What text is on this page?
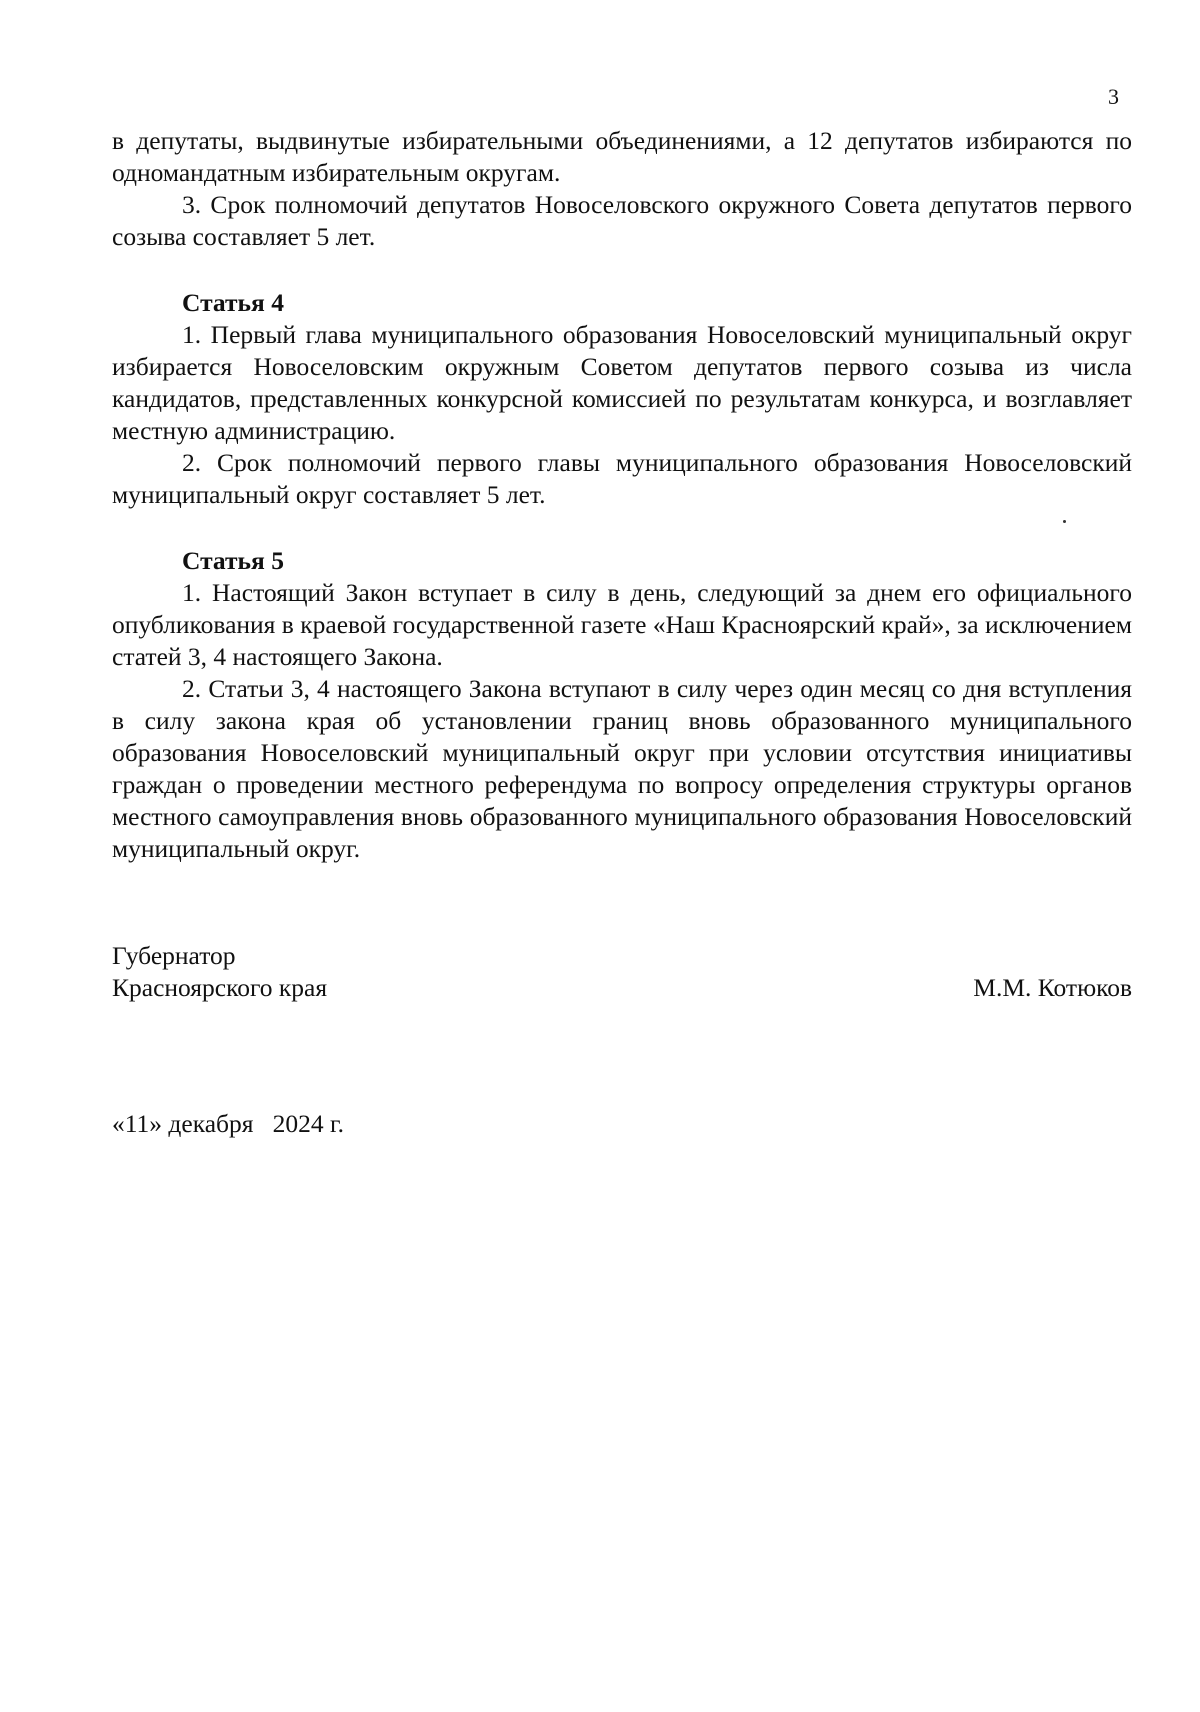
3

в депутаты, выдвинутые избирательными объединениями, а 12 депутатов избираются по одномандатным избирательным округам.

3. Срок полномочий депутатов Новоселовского окружного Совета депутатов первого созыва составляет 5 лет.

Статья 4

1. Первый глава муниципального образования Новоселовский муниципальный округ избирается Новоселовским окружным Советом депутатов первого созыва из числа кандидатов, представленных конкурсной комиссией по результатам конкурса, и возглавляет местную администрацию.

2. Срок полномочий первого главы муниципального образования Новоселовский муниципальный округ составляет 5 лет.

Статья 5

1. Настоящий Закон вступает в силу в день, следующий за днем его официального опубликования в краевой государственной газете «Наш Красноярский край», за исключением статей 3, 4 настоящего Закона.

2. Статьи 3, 4 настоящего Закона вступают в силу через один месяц со дня вступления в силу закона края об установлении границ вновь образованного муниципального образования Новоселовский муниципальный округ при условии отсутствия инициативы граждан о проведении местного референдума по вопросу определения структуры органов местного самоуправления вновь образованного муниципального образования Новоселовский муниципальный округ.

Губернатор
Красноярского края	М.М. Котюков
«11» декабря   2024 г.
